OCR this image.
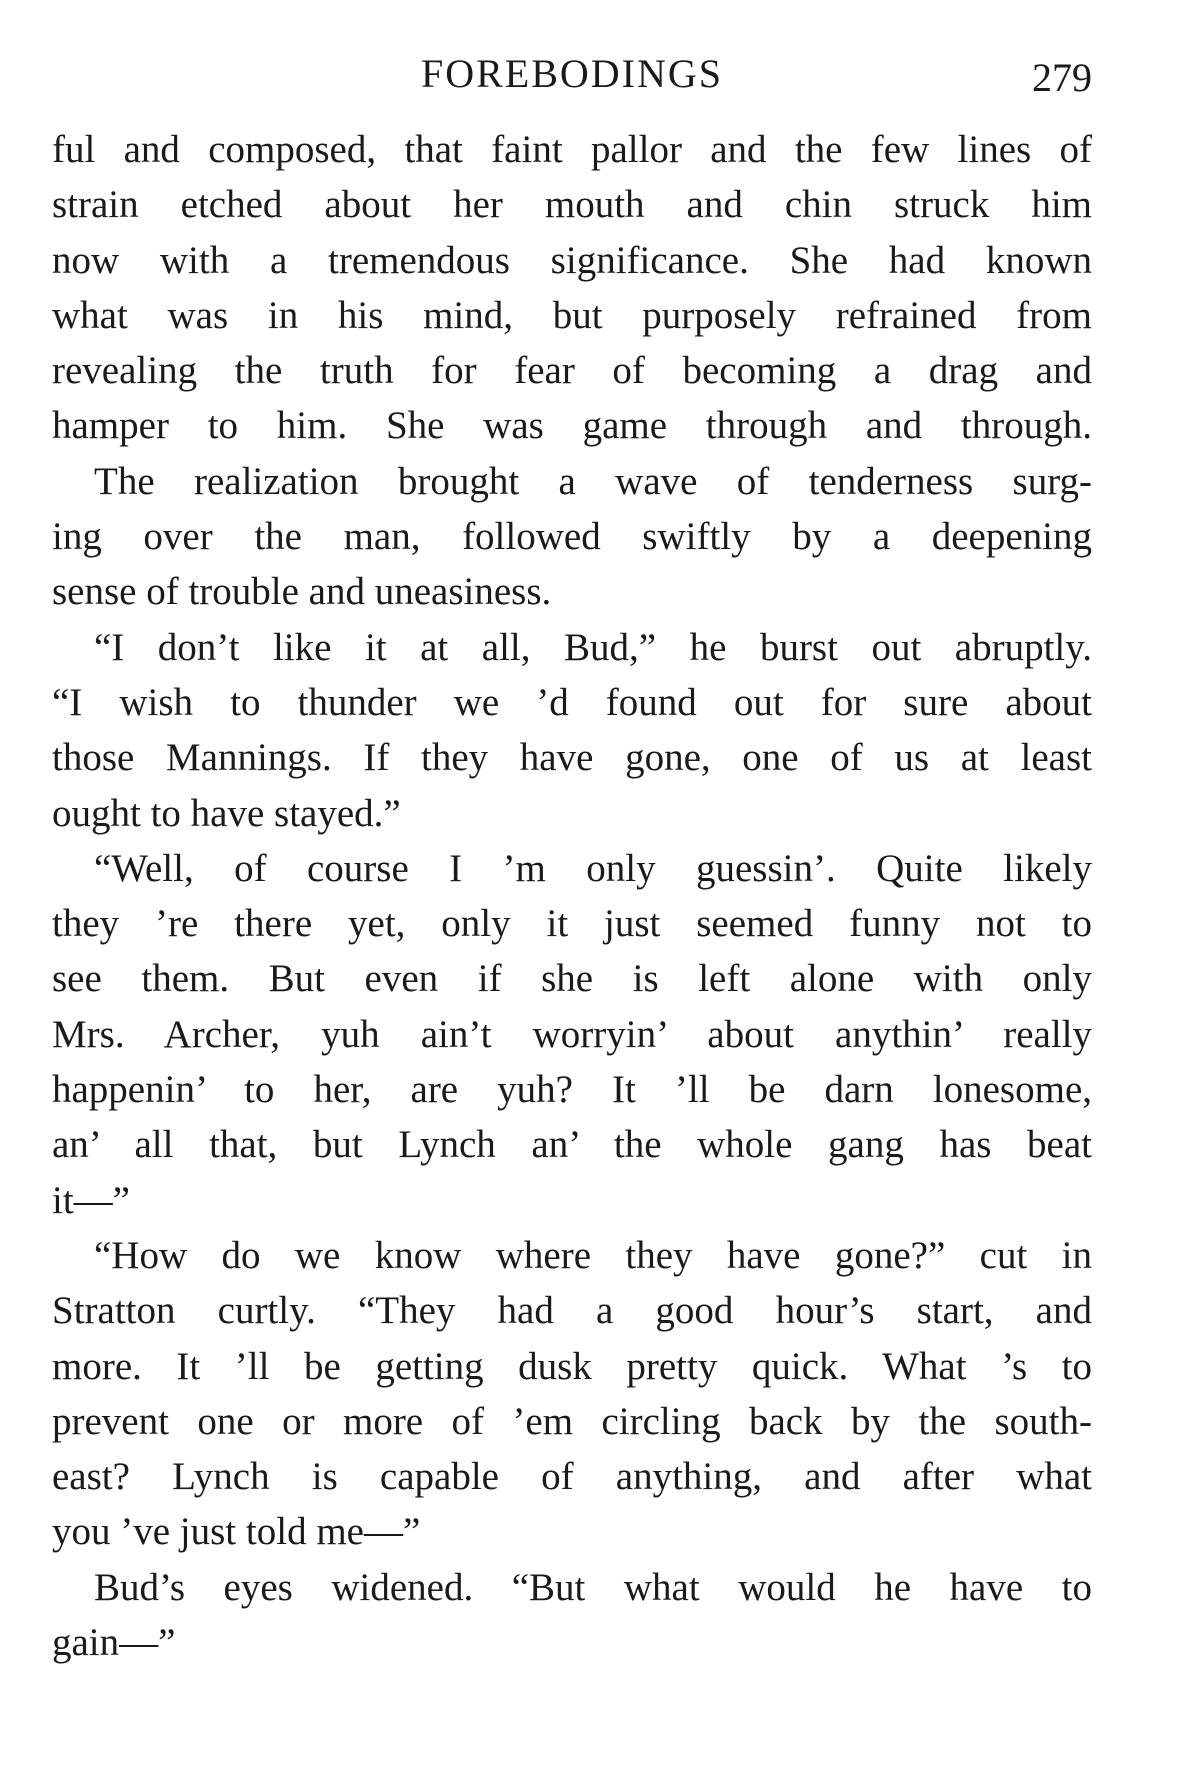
FOREBODINGS	279
ful and composed, that faint pallor and the few lines of
strain etched about her mouth and chin struck him
now with a tremendous significance. She had known
what was in his mind, but purposely refrained from
revealing the truth for fear of becoming a drag and
hamper to him. She was game through and through.
The realization brought a wave of tenderness surg-
ing over the man, followed swiftly by a deepening
sense of trouble and uneasiness.
“I don’t like it at all, Bud,” he burst out abruptly.
“I wish to thunder we ’d found out for sure about
those Mannings. If they have gone, one of us at least
ought to have stayed.”
“Well, of course I ’m only guessin’. Quite likely
they ’re there yet, only it just seemed funny not to
see them. But even if she is left alone with only
Mrs. Archer, yuh ain’t worryin’ about anythin’ really
happenin’ to her, are yuh? It ’ll be darn lonesome,
an’ all that, but Lynch an’ the whole gang has beat
it—”
“How do we know where they have gone?” cut in
Stratton curtly. “They had a good hour’s start, and
more. It ’ll be getting dusk pretty quick. What ’s to
prevent one or more of ’em circling back by the south-
east? Lynch is capable of anything, and after what
you ’ve just told me—”
Bud’s eyes widened. “But what would he have to
gain—”
